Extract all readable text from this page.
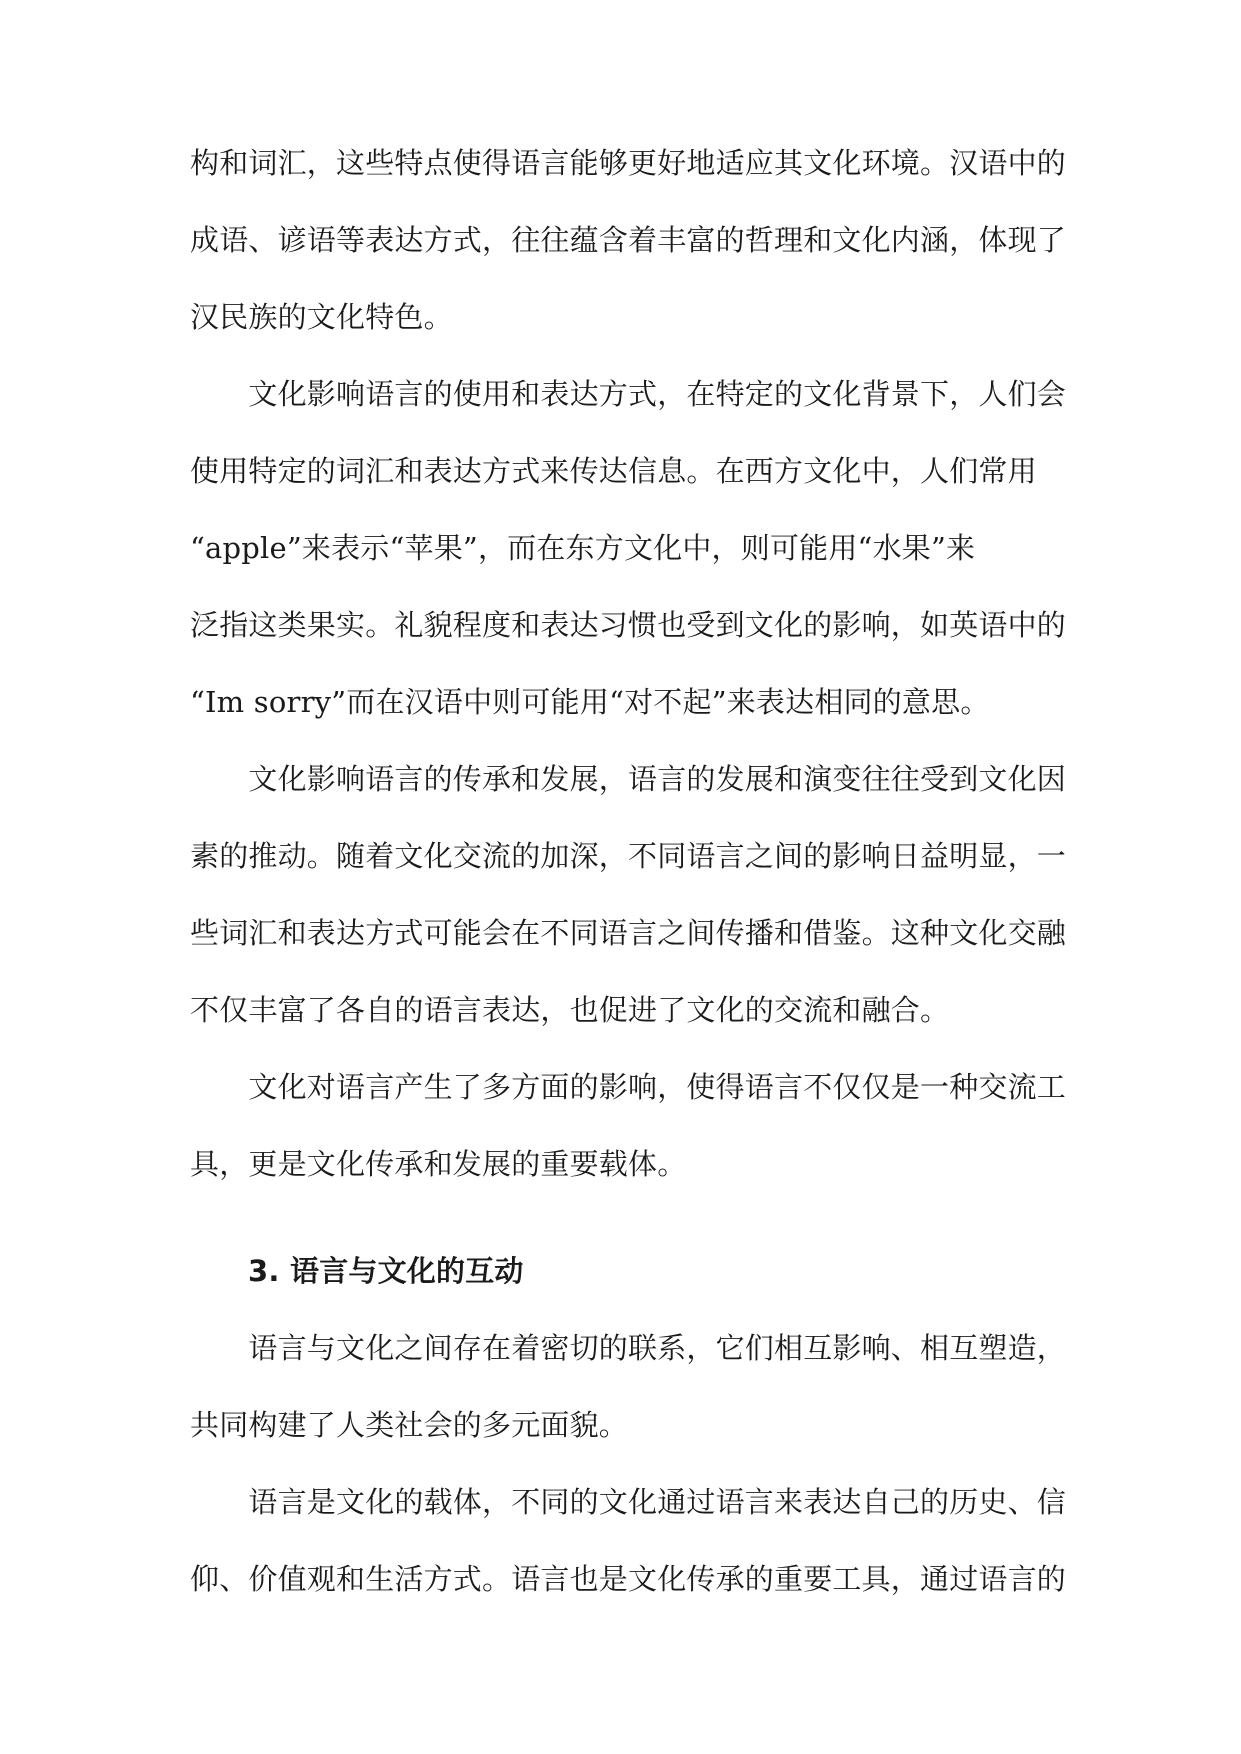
构和词汇，这些特点使得语言能够更好地适应其文化环境。汉语中的
成语、谚语等表达方式，往往蕴含着丰富的哲理和文化内涵，体现了
汉民族的文化特色。
　　文化影响语言的使用和表达方式，在特定的文化背景下，人们会
使用特定的词汇和表达方式来传达信息。在西方文化中，人们常用
“apple”来表示“苹果”，而在东方文化中，则可能用“水果”来
泛指这类果实。礼貌程度和表达习惯也受到文化的影响，如英语中的
“Im sorry”而在汉语中则可能用“对不起”来表达相同的意思。
　　文化影响语言的传承和发展，语言的发展和演变往往受到文化因
素的推动。随着文化交流的加深，不同语言之间的影响日益明显，一
些词汇和表达方式可能会在不同语言之间传播和借鉴。这种文化交融
不仅丰富了各自的语言表达，也促进了文化的交流和融合。
　　文化对语言产生了多方面的影响，使得语言不仅仅是一种交流工
具，更是文化传承和发展的重要载体。
3. 语言与文化的互动
　　语言与文化之间存在着密切的联系，它们相互影响、相互塑造，
共同构建了人类社会的多元面貌。
　　语言是文化的载体，不同的文化通过语言来表达自己的历史、信
仰、价值观和生活方式。语言也是文化传承的重要工具，通过语言的
